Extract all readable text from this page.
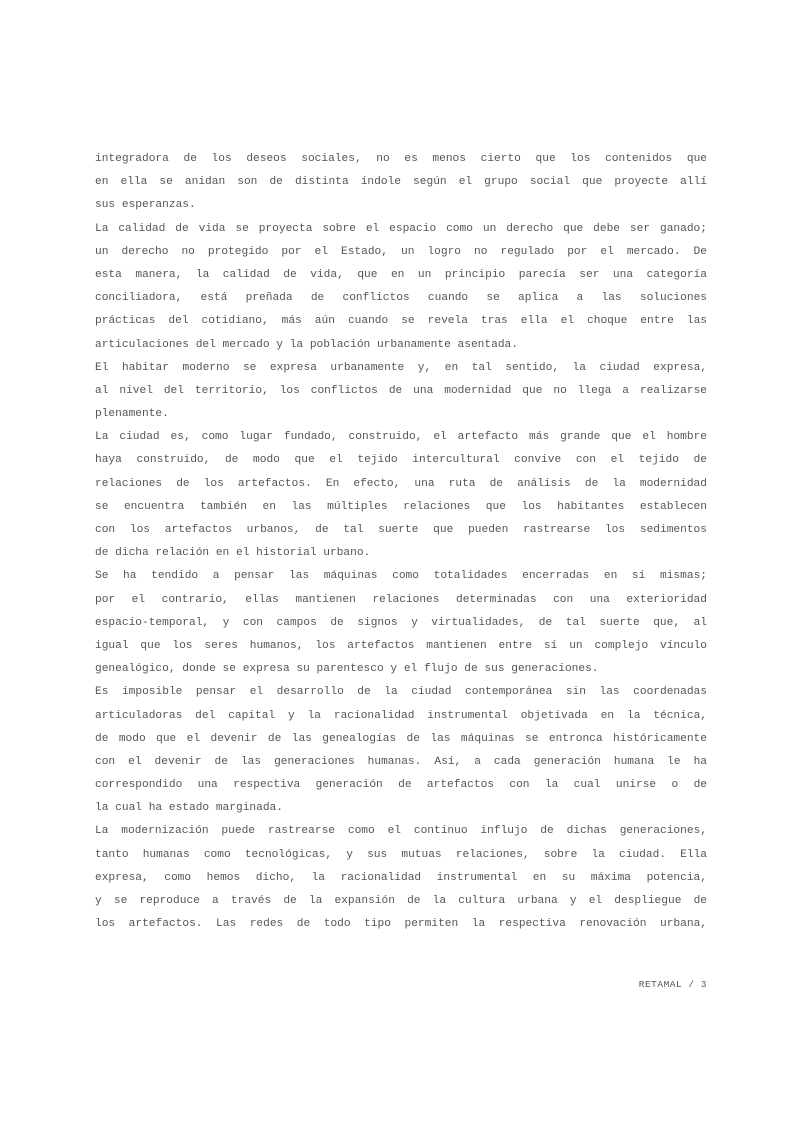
integradora de los deseos sociales, no es menos cierto que los contenidos que
en ella se anidan son de distinta índole según el grupo social que proyecte allí
sus esperanzas.
La calidad de vida se proyecta sobre el espacio como un derecho que debe ser ganado;
un derecho no protegido por el Estado, un logro no regulado por el mercado. De
esta manera, la calidad de vida, que en un principio parecía ser una categoría
conciliadora, está preñada de conflictos cuando se aplica a las soluciones
prácticas del cotidiano, más aún cuando se revela tras ella el choque entre las
articulaciones del mercado y la población urbanamente asentada.
El habitar moderno se expresa urbanamente y, en tal sentido, la ciudad expresa,
al nivel del territorio, los conflictos de una modernidad que no llega a realizarse
plenamente.
La ciudad es, como lugar fundado, construido, el artefacto más grande que el hombre
haya construido, de modo que el tejido intercultural convive con el tejido de
relaciones de los artefactos. En efecto, una ruta de análisis de la modernidad
se encuentra también en las múltiples relaciones que los habitantes establecen
con los artefactos urbanos, de tal suerte que pueden rastrearse los sedimentos
de dicha relación en el historial urbano.
Se ha tendido a pensar las máquinas como totalidades encerradas en sí mismas;
por el contrario, ellas mantienen relaciones determinadas con una exterioridad
espacio-temporal, y con campos de signos y virtualidades, de tal suerte que, al
igual que los seres humanos, los artefactos mantienen entre sí un complejo vínculo
genealógico, donde se expresa su parentesco y el flujo de sus generaciones.
Es imposible pensar el desarrollo de la ciudad contemporánea sin las coordenadas
articuladoras del capital y la racionalidad instrumental objetivada en la técnica,
de modo que el devenir de las genealogías de las máquinas se entronca históricamente
con el devenir de las generaciones humanas. Así, a cada generación humana le ha
correspondido una respectiva generación de artefactos con la cual unirse o de
la cual ha estado marginada.
La modernización puede rastrearse como el continuo influjo de dichas generaciones,
tanto humanas como tecnológicas, y sus mutuas relaciones, sobre la ciudad. Ella
expresa, como hemos dicho, la racionalidad instrumental en su máxima potencia,
y se reproduce a través de la expansión de la cultura urbana y el despliegue de
los artefactos. Las redes de todo tipo permiten la respectiva renovación urbana,
RETAMAL / 3
